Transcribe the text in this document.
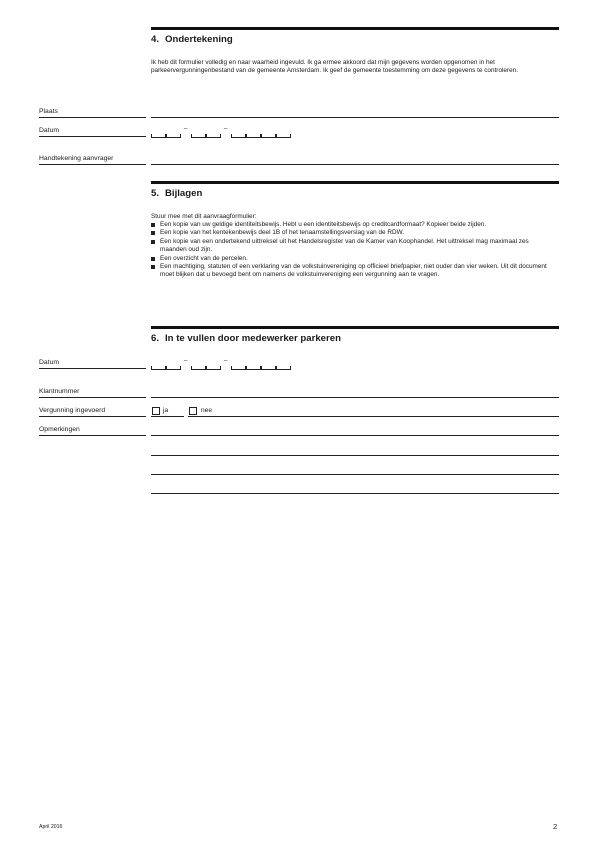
4. Ondertekening
Ik heb dit formulier volledig en naar waarheid ingevuld. Ik ga ermee akkoord dat mijn gegevens worden opgenomen in het parkeervergunningenbestand van de gemeente Amsterdam. Ik geef de gemeente toestemming om deze gegevens te controleren.
Plaats
Datum	–	–
Handtekening aanvrager
5. Bijlagen
Stuur mee met dit aanvraagformulier:
Een kopie van uw geldige identiteitsbewijs. Hebt u een identiteitsbewijs op creditcardformaat? Kopieer beide zijden.
Een kopie van het kentekenbewijs deel 1B of het tenaamstellingsverslag van de RDW.
Een kopie van een ondertekend uittreksel uit het Handelsregister van de Kamer van Koophandel. Het uittreksel mag maximaal zes maanden oud zijn.
Een overzicht van de percelen.
Een machtiging, statuten of een verklaring van de volkstuinvereniging op officieel briefpapier, niet ouder dan vier weken. Uit dit document moet blijken dat u bevoegd bent om namens de volkstuinvereniging een vergunning aan te vragen.
6. In te vullen door medewerker parkeren
Datum	–	–
Klantnummer
Vergunning ingevoerd	ja	nee
Opmerkingen
April 2016	2
